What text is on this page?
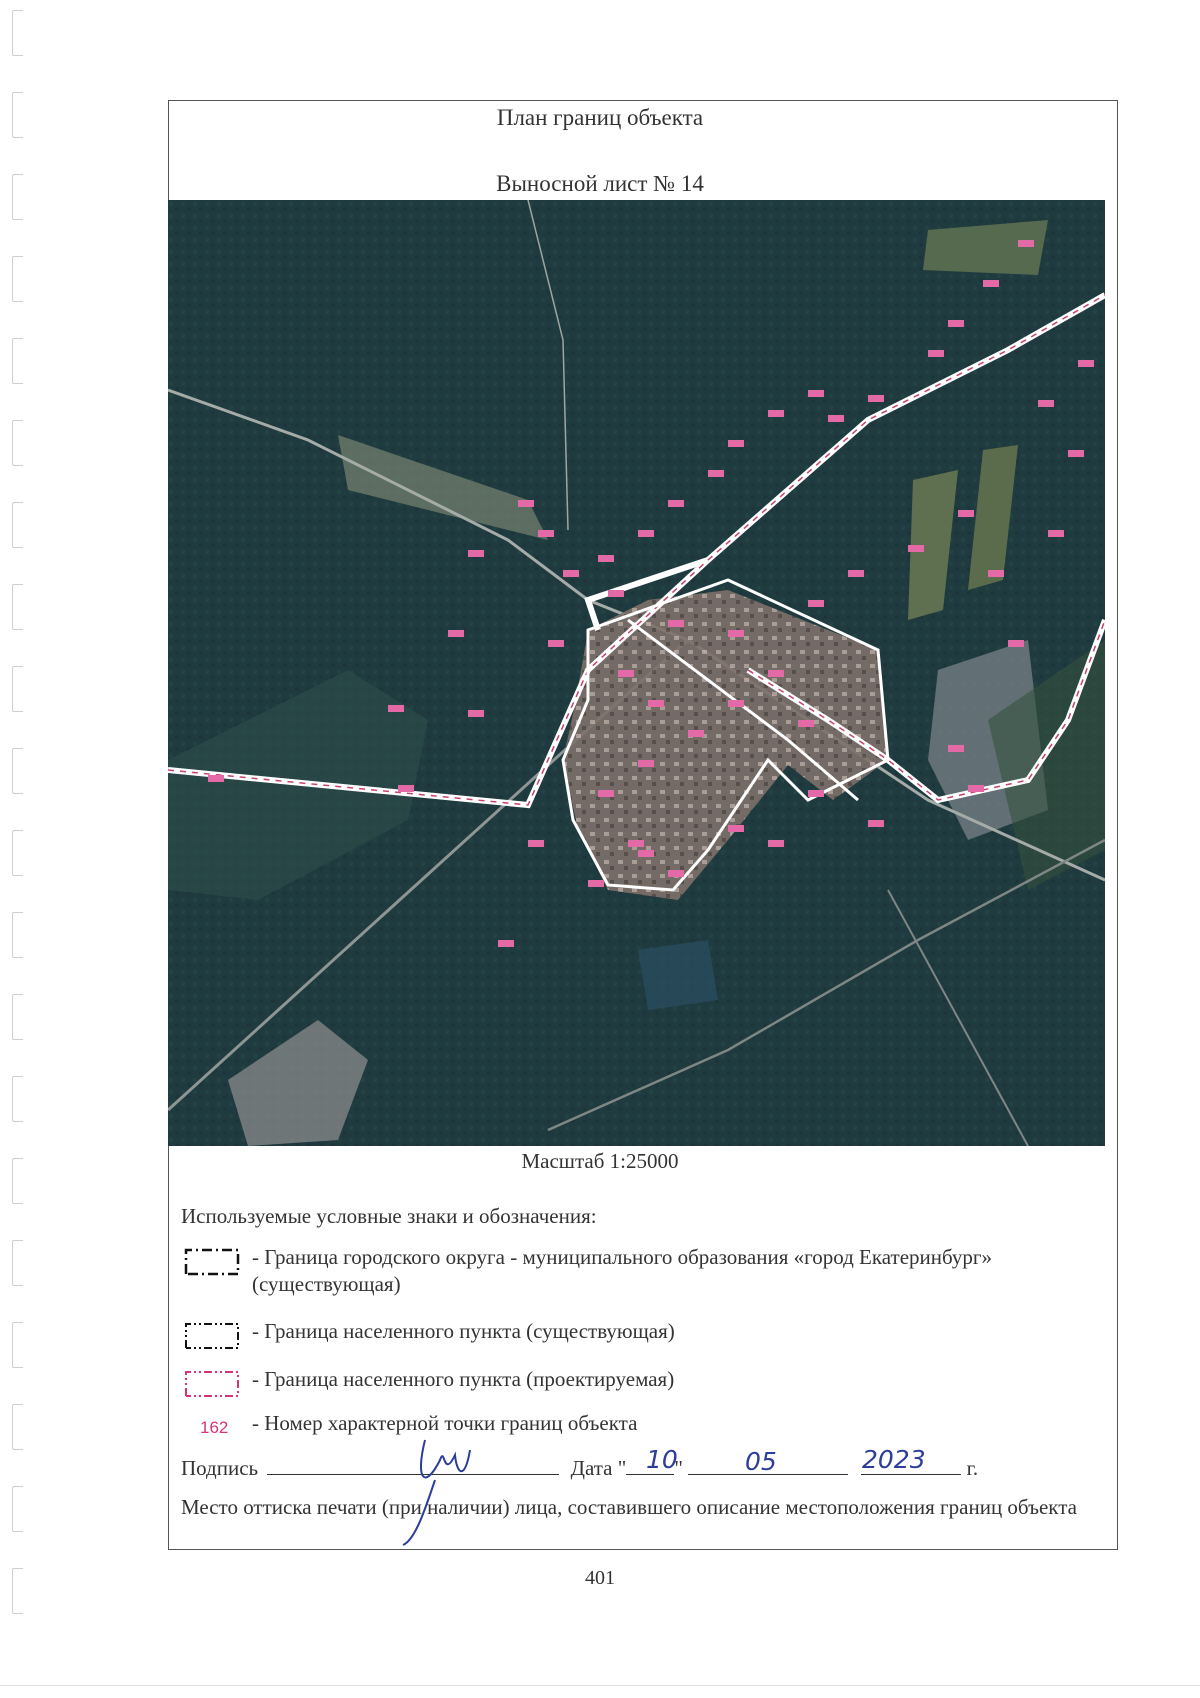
План границ объекта
Выносной лист № 14
Масштаб 1:25000
Используемые условные знаки и обозначения:
- Граница городского округа - муниципального образования «город Екатеринбург» (существующая)
- Граница населенного пункта (существующая)
- Граница населенного пункта (проектируемая)
162 - Номер характерной точки границ объекта
Подпись	Дата " "	г.
10	05	2023
Место оттиска печати (при наличии) лица, составившего описание местоположения границ объекта
401
